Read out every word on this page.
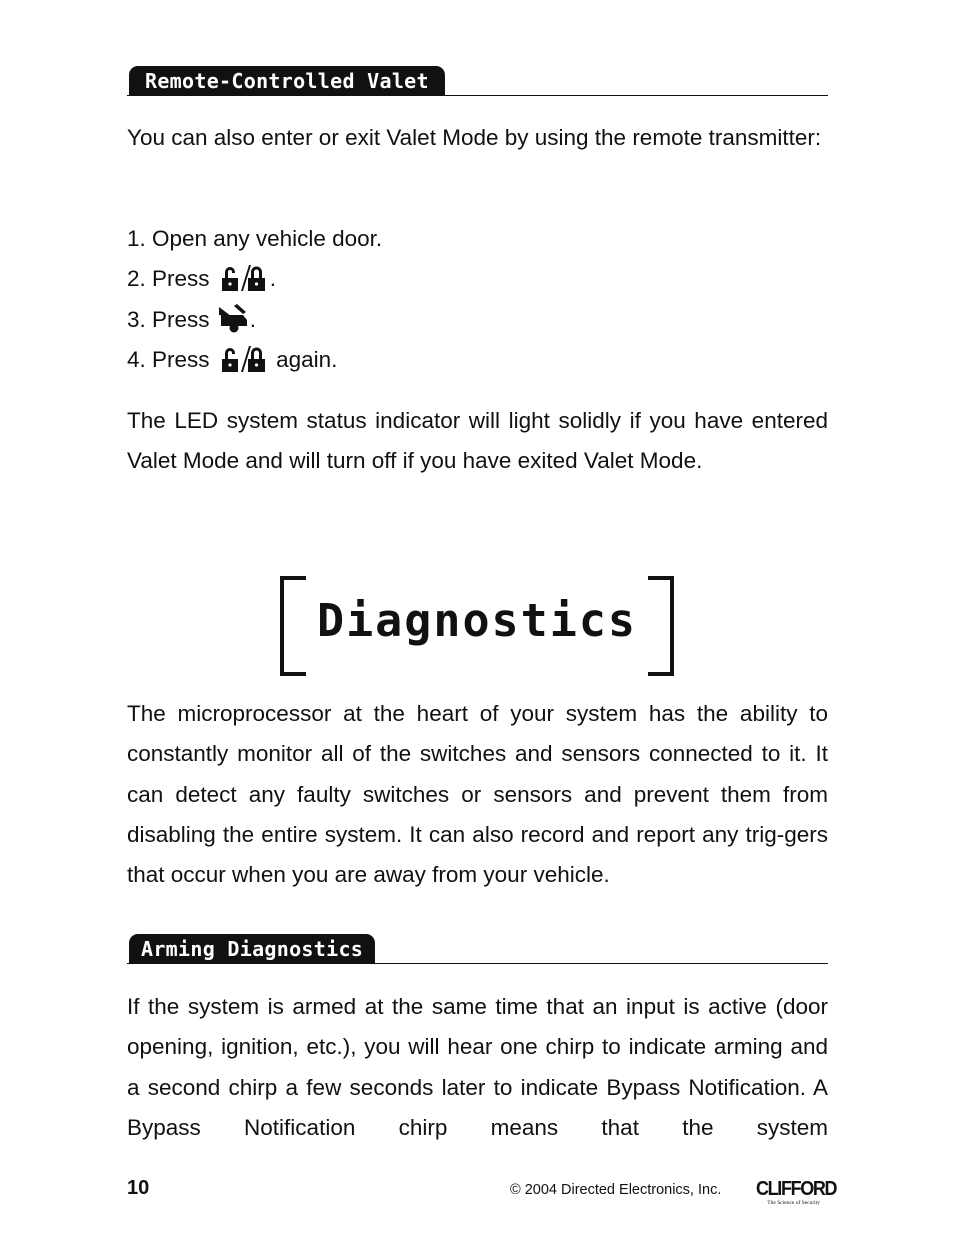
Remote-Controlled Valet

You can also enter or exit Valet Mode by using the remote transmitter:

1. Open any vehicle door.
2. Press	.
3. Press .
4. Press	again.

The LED system status indicator will light solidly if you have entered Valet Mode and will turn off if you have exited Valet Mode.

Diagnostics

The microprocessor at the heart of your system has the ability to constantly monitor all of the switches and sensors connected to it. It can detect any faulty switches or sensors and prevent them from disabling the entire system. It can also record and report any trig-gers that occur when you are away from your vehicle.

Arming Diagnostics

If the system is armed at the same time that an input is active (door opening, ignition, etc.), you will hear one chirp to indicate arming and a second chirp a few seconds later to indicate Bypass Notification. A Bypass Notification chirp means that the system

10	© 2004 Directed Electronics, Inc. CLIFFORD
The Science of Security
